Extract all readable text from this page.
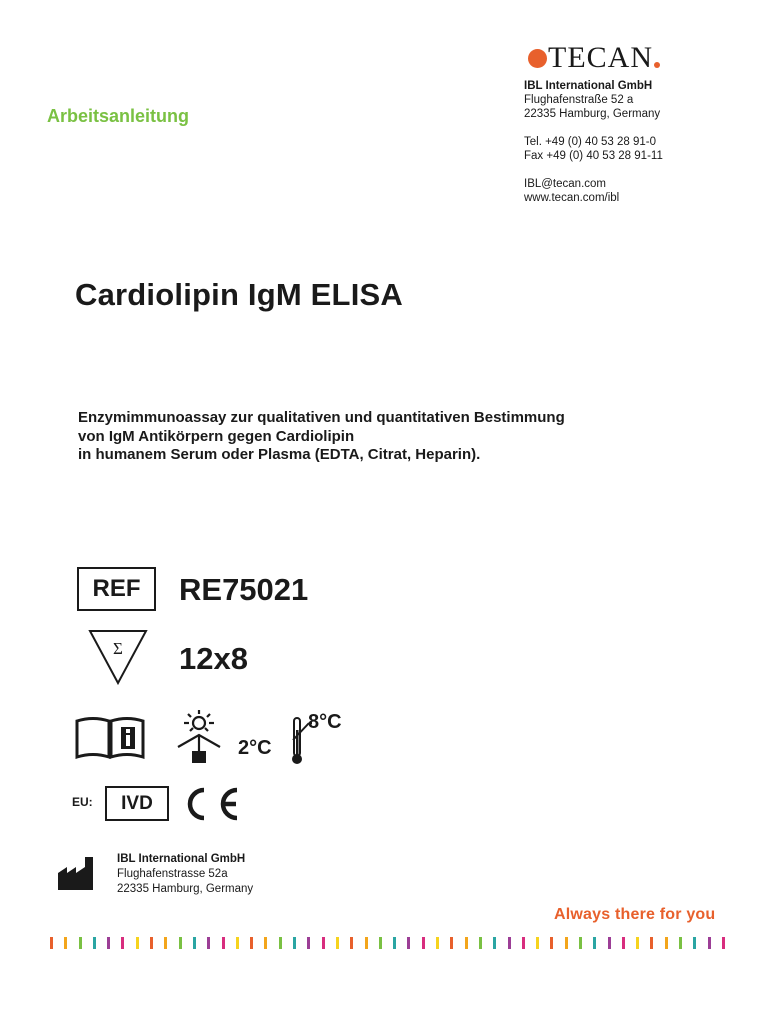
TECAN
IBL International GmbH
Flughafenstraße 52 a
22335 Hamburg, Germany
Tel. +49 (0) 40 53 28 91-0
Fax +49 (0) 40 53 28 91-11
IBL@tecan.com
www.tecan.com/ibl
Arbeitsanleitung
Cardiolipin IgM ELISA
Enzymimmunoassay zur qualitativen und quantitativen Bestimmung
von IgM Antikörpern gegen Cardiolipin
in humanem Serum oder Plasma (EDTA, Citrat, Heparin).
REF	RE75021
Σ 12x8
2°C
8°C
EU:	IVD
IBL International GmbH
Flughafenstrasse 52a
22335 Hamburg, Germany
Always there for you
